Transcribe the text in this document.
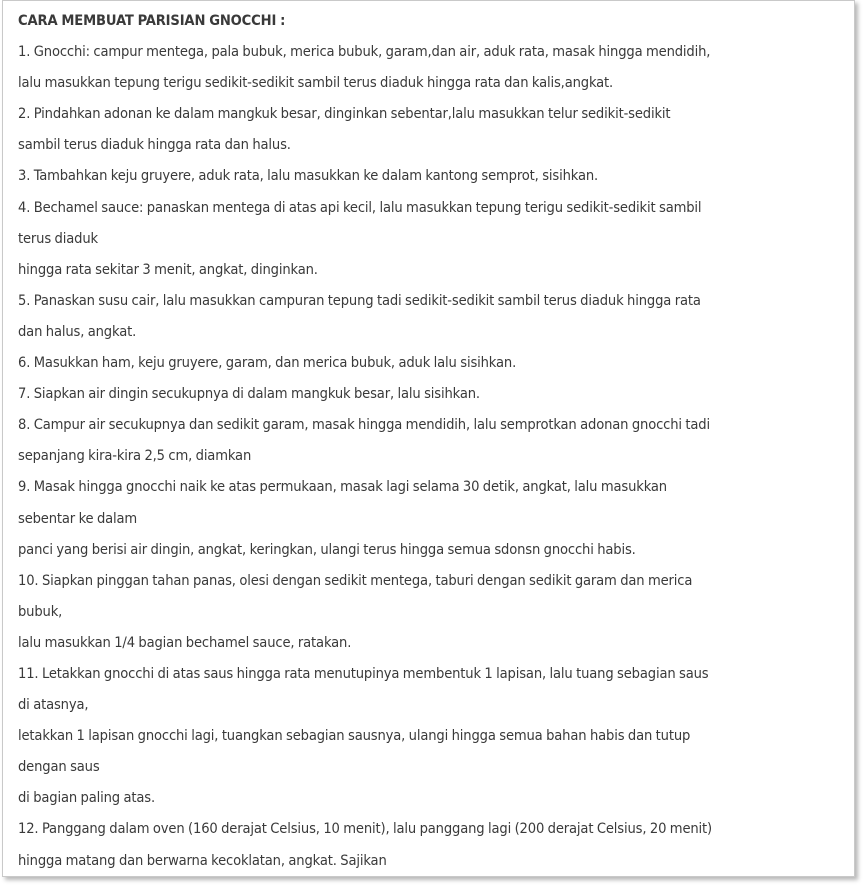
CARA MEMBUAT PARISIAN GNOCCHI :
1. Gnocchi: campur mentega, pala bubuk, merica bubuk, garam,dan air, aduk rata, masak hingga mendidih,
lalu masukkan tepung terigu sedikit-sedikit sambil terus diaduk hingga rata dan kalis,angkat.
2. Pindahkan adonan ke dalam mangkuk besar, dinginkan sebentar,lalu masukkan telur sedikit-sedikit
sambil terus diaduk hingga rata dan halus.
3. Tambahkan keju gruyere, aduk rata, lalu masukkan ke dalam kantong semprot, sisihkan.
4. Bechamel sauce: panaskan mentega di atas api kecil, lalu masukkan tepung terigu sedikit-sedikit sambil
terus diaduk
hingga rata sekitar 3 menit, angkat, dinginkan.
5. Panaskan susu cair, lalu masukkan campuran tepung tadi sedikit-sedikit sambil terus diaduk hingga rata
dan halus, angkat.
6. Masukkan ham, keju gruyere, garam, dan merica bubuk, aduk lalu sisihkan.
7. Siapkan air dingin secukupnya di dalam mangkuk besar, lalu sisihkan.
8. Campur air secukupnya dan sedikit garam, masak hingga mendidih, lalu semprotkan adonan gnocchi tadi
sepanjang kira-kira 2,5 cm, diamkan
9. Masak hingga gnocchi naik ke atas permukaan, masak lagi selama 30 detik, angkat, lalu masukkan
sebentar ke dalam
panci yang berisi air dingin, angkat, keringkan, ulangi terus hingga semua sdonsn gnocchi habis.
10. Siapkan pinggan tahan panas, olesi dengan sedikit mentega, taburi dengan sedikit garam dan merica
bubuk,
lalu masukkan 1/4 bagian bechamel sauce, ratakan.
11. Letakkan gnocchi di atas saus hingga rata menutupinya membentuk 1 lapisan, lalu tuang sebagian saus
di atasnya,
letakkan 1 lapisan gnocchi lagi, tuangkan sebagian sausnya, ulangi hingga semua bahan habis dan tutup
dengan saus
di bagian paling atas.
12. Panggang dalam oven (160 derajat Celsius, 10 menit), lalu panggang lagi (200 derajat Celsius, 20 menit)
hingga matang dan berwarna kecoklatan, angkat. Sajikan
